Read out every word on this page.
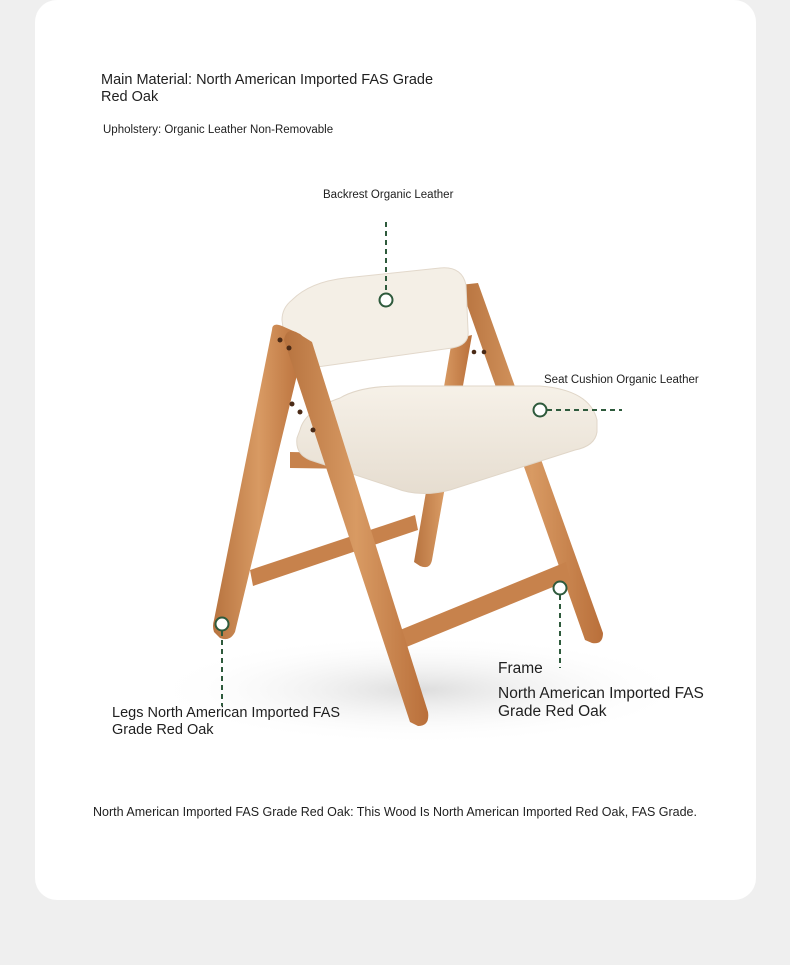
Main Material: North American Imported FAS Grade Red Oak

Upholstery: Organic Leather Non-Removable

Backrest Organic Leather

Seat Cushion Organic Leather

Frame

North American Imported FAS Grade Red Oak

Legs North American Imported FAS Grade Red Oak

North American Imported FAS Grade Red Oak: This Wood Is North American Imported Red Oak, FAS Grade.
